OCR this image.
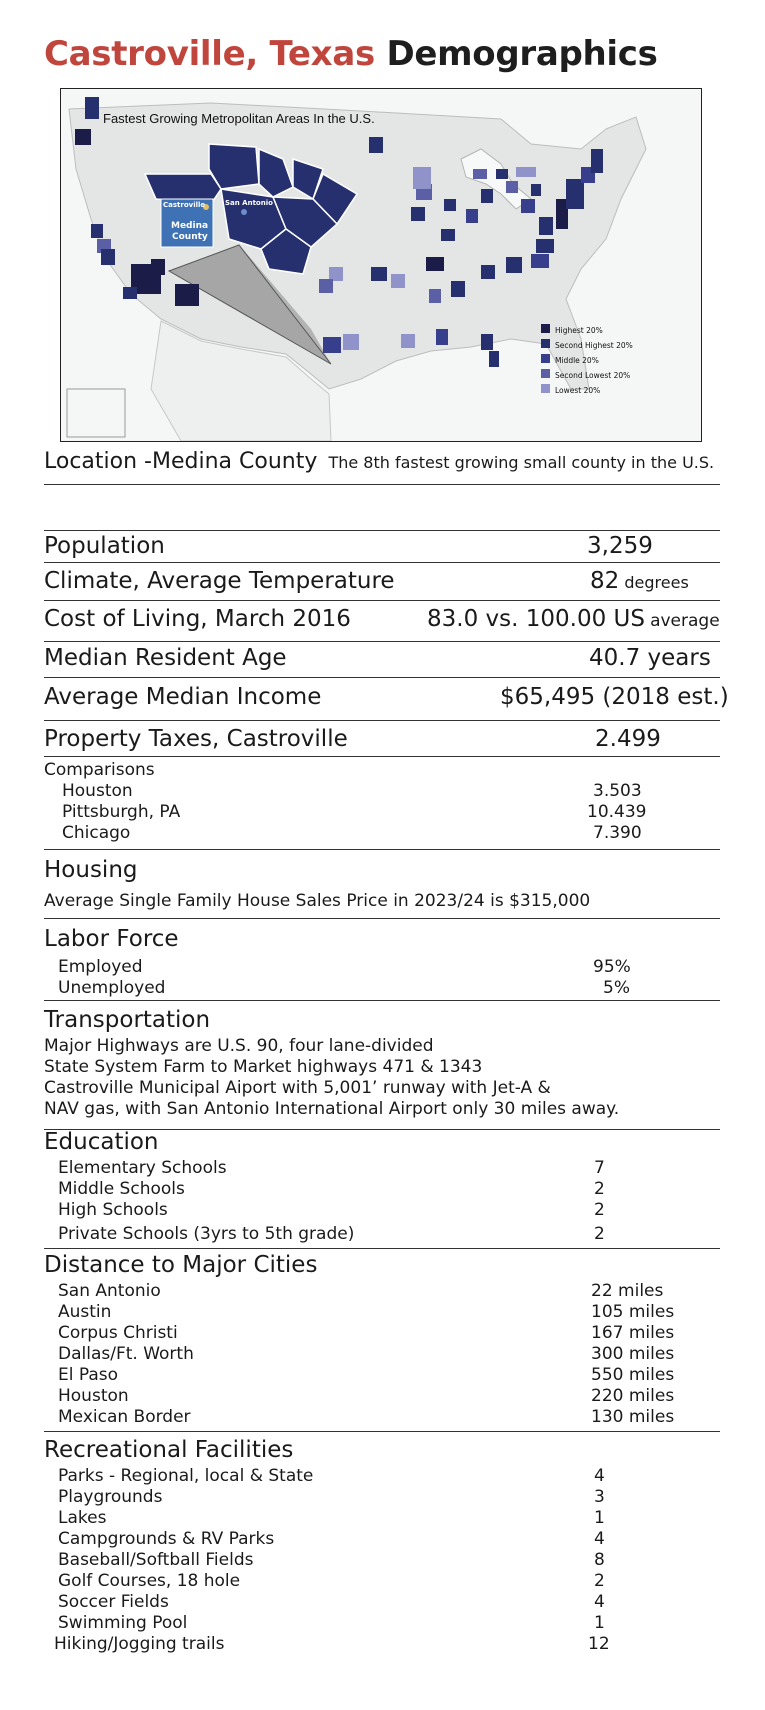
Castroville, Texas Demographics
Fastest Growing Metropolitan Areas In the U.S.
Castroville	San Antonio
Medina
County
Highest 20%
Second Highest 20%
Middle 20%
Second Lowest 20%
Lowest 20%
Location -Medina County The 8th fastest growing small county in the U.S.
Population	3,259
Climate, Average Temperature	82 degrees
Cost of Living, March 2016	83.0 vs. 100.00 US average
Median Resident Age	40.7 years
Average Median Income	$65,495 (2018 est.)
Property Taxes, Castroville	2.499
Comparisons
Houston	3.503
Pittsburgh, PA	10.439
Chicago	7.390
Housing
Average Single Family House Sales Price in 2023/24 is $315,000
Labor Force
Employed	95%
Unemployed	5%
Transportation
Major Highways are U.S. 90, four lane-divided
State System Farm to Market highways 471 & 1343
Castroville Municipal Aiport with 5,001’ runway with Jet-A &
NAV gas, with San Antonio International Airport only 30 miles away.
Education
Elementary Schools	7
Middle Schools	2
High Schools	2
Private Schools (3yrs to 5th grade)	2
Distance to Major Cities
San Antonio	22 miles
Austin	105 miles
Corpus Christi	167 miles
Dallas/Ft. Worth	300 miles
El Paso	550 miles
Houston	220 miles
Mexican Border	130 miles
Recreational Facilities
Parks - Regional, local & State	4
Playgrounds	3
Lakes	1
Campgrounds & RV Parks	4
Baseball/Softball Fields	8
Golf Courses, 18 hole	2
Soccer Fields	4
Swimming Pool	1
Hiking/Jogging trails	12
